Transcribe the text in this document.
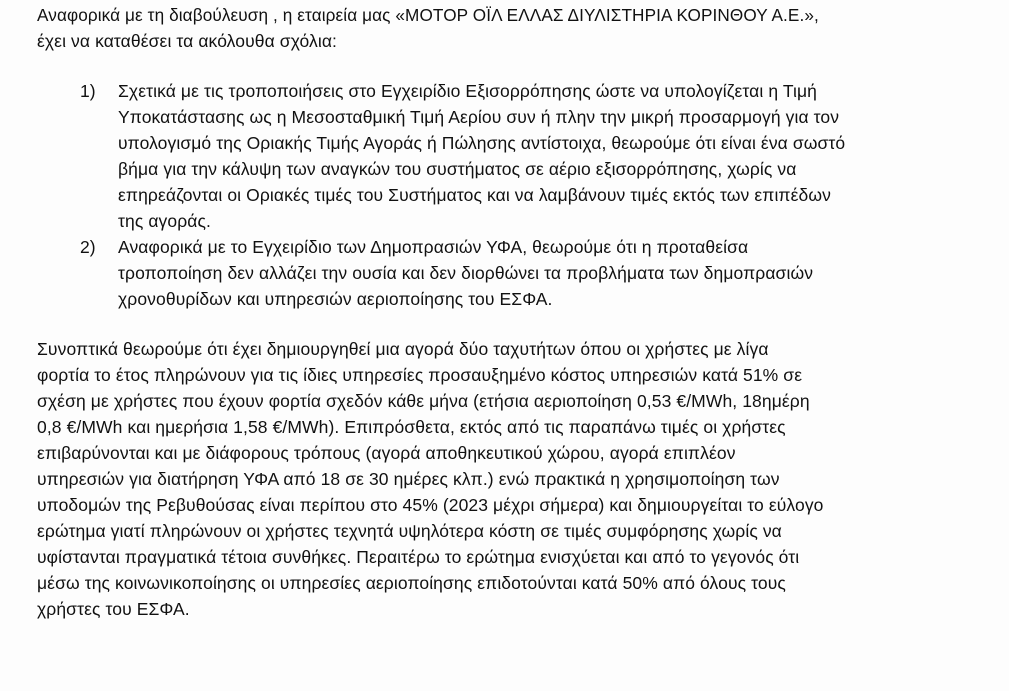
Αναφορικά με τη διαβούλευση , η εταιρεία μας «ΜΟΤΟΡ ΟΪΛ ΕΛΛΑΣ ΔΙΥΛΙΣΤΗΡΙΑ ΚΟΡΙΝΘΟΥ Α.Ε.»,
έχει να καταθέσει τα ακόλουθα σχόλια:
1) Σχετικά με τις τροποποιήσεις στο Εγχειρίδιο Εξισορρόπησης ώστε να υπολογίζεται η Τιμή
Υποκατάστασης ως η Μεσοσταθμική Τιμή Αερίου συν ή πλην την μικρή προσαρμογή για τον
υπολογισμό της Οριακής Τιμής Αγοράς ή Πώλησης αντίστοιχα, θεωρούμε ότι είναι ένα σωστό
βήμα για την κάλυψη των αναγκών του συστήματος σε αέριο εξισορρόπησης, χωρίς να
επηρεάζονται οι Οριακές τιμές του Συστήματος και να λαμβάνουν τιμές εκτός των επιπέδων
της αγοράς.
2) Αναφορικά με το Εγχειρίδιο των Δημοπρασιών ΥΦΑ, θεωρούμε ότι η προταθείσα
τροποποίηση δεν αλλάζει την ουσία και δεν διορθώνει τα προβλήματα των δημοπρασιών
χρονοθυρίδων και υπηρεσιών αεριοποίησης του ΕΣΦΑ.
Συνοπτικά θεωρούμε ότι έχει δημιουργηθεί μια αγορά δύο ταχυτήτων όπου οι χρήστες με λίγα
φορτία το έτος πληρώνουν για τις ίδιες υπηρεσίες προσαυξημένο κόστος υπηρεσιών κατά 51% σε
σχέση με χρήστες που έχουν φορτία σχεδόν κάθε μήνα (ετήσια αεριοποίηση 0,53 €/MWh, 18ημέρη
0,8 €/MWh και ημερήσια 1,58 €/MWh). Επιπρόσθετα, εκτός από τις παραπάνω τιμές οι χρήστες
επιβαρύνονται και με διάφορους τρόπους (αγορά αποθηκευτικού χώρου, αγορά επιπλέον
υπηρεσιών για διατήρηση ΥΦΑ από 18 σε 30 ημέρες κλπ.) ενώ πρακτικά η χρησιμοποίηση των
υποδομών της Ρεβυθούσας είναι περίπου στο 45% (2023 μέχρι σήμερα) και δημιουργείται το εύλογο
ερώτημα γιατί πληρώνουν οι χρήστες τεχνητά υψηλότερα κόστη σε τιμές συμφόρησης χωρίς να
υφίστανται πραγματικά τέτοια συνθήκες. Περαιτέρω το ερώτημα ενισχύεται και από το γεγονός ότι
μέσω της κοινωνικοποίησης οι υπηρεσίες αεριοποίησης επιδοτούνται κατά 50% από όλους τους
χρήστες του ΕΣΦΑ.
